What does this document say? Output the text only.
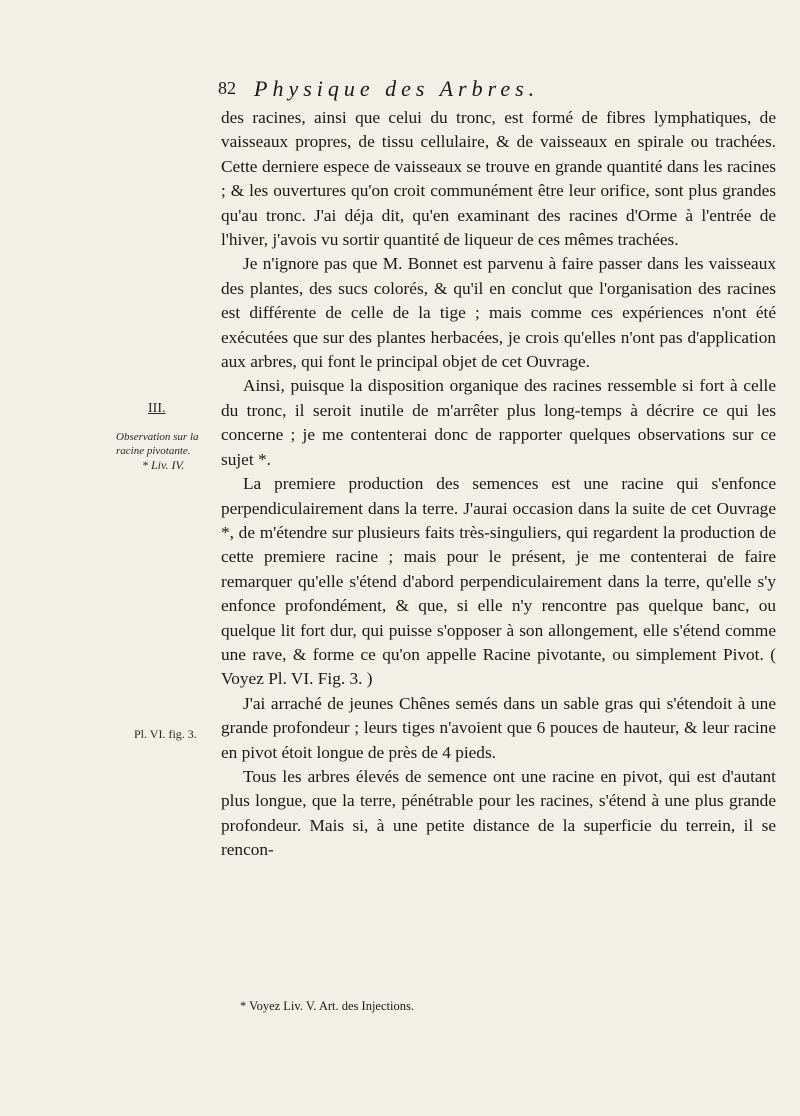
82 Physique des Arbres.
III.
Observation sur la racine pivotante.
* Liv. IV.
Pl. VI. fig. 3.

des racines, ainsi que celui du tronc, est formé de fibres lymphatiques, de vaisseaux propres, de tissu cellulaire, & de vaisseaux en spirale ou trachées. Cette derniere espece de vaisseaux se trouve en grande quantité dans les racines ; & les ouvertures qu'on croit communément être leur orifice, sont plus grandes qu'au tronc. J'ai déja dit, qu'en examinant des racines d'Orme à l'entrée de l'hiver, j'avois vu sortir quantité de liqueur de ces mêmes trachées.

Je n'ignore pas que M. Bonnet est parvenu à faire passer dans les vaisseaux des plantes, des sucs colorés, & qu'il en conclut que l'organisation des racines est différente de celle de la tige ; mais comme ces expériences n'ont été exécutées que sur des plantes herbacées, je crois qu'elles n'ont pas d'application aux arbres, qui font le principal objet de cet Ouvrage.

Ainsi, puisque la disposition organique des racines ressemble si fort à celle du tronc, il seroit inutile de m'arrêter plus long-temps à décrire ce qui les concerne ; je me contenterai donc de rapporter quelques observations sur ce sujet *.

La premiere production des semences est une racine qui s'enfonce perpendiculairement dans la terre. J'aurai occasion dans la suite de cet Ouvrage *, de m'étendre sur plusieurs faits très-singuliers, qui regardent la production de cette premiere racine ; mais pour le présent, je me contenterai de faire remarquer qu'elle s'étend d'abord perpendiculairement dans la terre, qu'elle s'y enfonce profondément, & que, si elle n'y rencontre pas quelque banc, ou quelque lit fort dur, qui puisse s'opposer à son allongement, elle s'étend comme une rave, & forme ce qu'on appelle Racine pivotante, ou simplement Pivot. ( Voyez Pl. VI. Fig. 3. )

J'ai arraché de jeunes Chênes semés dans un sable gras qui s'étendoit à une grande profondeur ; leurs tiges n'avoient que 6 pouces de hauteur, & leur racine en pivot étoit longue de près de 4 pieds.

Tous les arbres élevés de semence ont une racine en pivot, qui est d'autant plus longue, que la terre, pénétrable pour les racines, s'étend à une plus grande profondeur. Mais si, à une petite distance de la superficie du terrein, il se rencon-

* Voyez Liv. V. Art. des Injections.
